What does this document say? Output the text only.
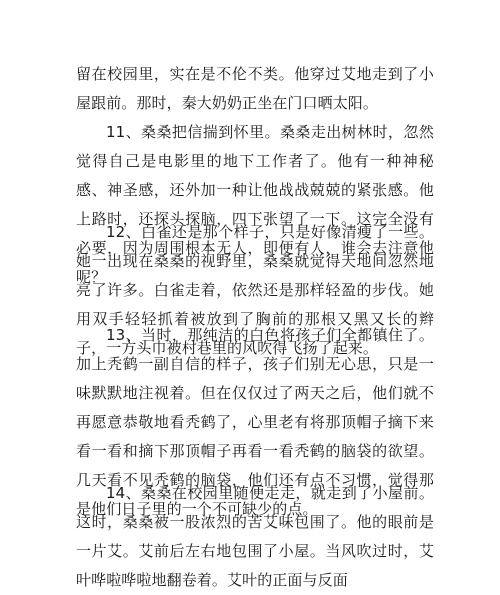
留在校园里，实在是不伦不类。他穿过艾地走到了小屋跟前。那时，秦大奶奶正坐在门口晒太阳。

11、桑桑把信揣到怀里。桑桑走出树林时，忽然觉得自己是电影里的地下工作者了。他有一种神秘感、神圣感，还外加一种让他战战兢兢的紧张感。他上路时，还探头探脑，四下张望了一下。这完全没有必要，因为周围根本无人，即便有人，谁会去注意他呢？

12、白雀还是那个样子，只是好像清瘦了一些。她一出现在桑桑的视野里，桑桑就觉得天地间忽然地亮了许多。白雀走着，依然还是那样轻盈的步伐。她用双手轻轻抓着被放到了胸前的那根又黑又长的辫子，一方头巾被村巷里的风吹得飞扬了起来。

13、当时，那纯洁的白色将孩子们全都镇住了。加上秃鹤一副自信的样子，孩子们别无心思，只是一味默默地注视着。但在仅仅过了两天之后，他们就不再愿意恭敬地看秃鹤了，心里老有将那顶帽子摘下来看一看和摘下那顶帽子再看一看秃鹤的脑袋的欲望。几天看不见秃鹤的脑袋，他们还有点不习惯，觉得那是他们日子里的一个不可缺少的点。

14、桑桑在校园里随便走走，就走到了小屋前。这时，桑桑被一股浓烈的苦艾味包围了。他的眼前是一片艾。艾前后左右地包围了小屋。当风吹过时，艾叶哗啦哗啦地翻卷着。艾叶的正面与反面
